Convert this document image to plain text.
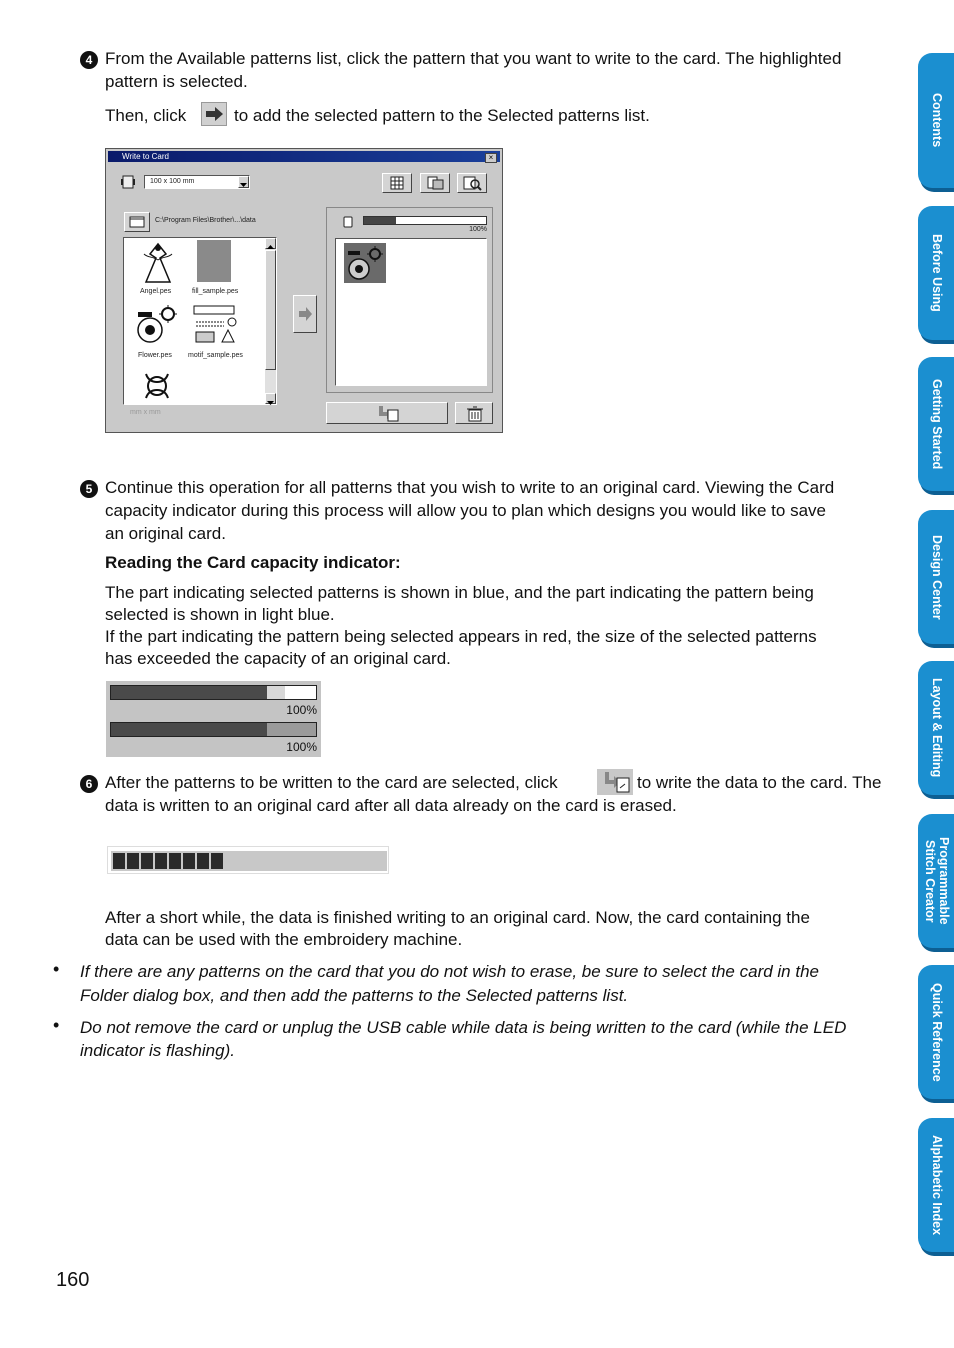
4 From the Available patterns list, click the pattern that you want to write to the card. The highlighted
pattern is selected.
Then, click	to add the selected pattern to the Selected patterns list.
Write to Card	×
100 x 100 mm
C:\Program Files\Brother\...\data
Angel.pes	fill_sample.pes
Flower.pes motif_sample.pes
mm x mm
100%
5 Continue this operation for all patterns that you wish to write to an original card. Viewing the Card
capacity indicator during this process will allow you to plan which designs you would like to save
an original card.
Reading the Card capacity indicator:
The part indicating selected patterns is shown in blue, and the part indicating the pattern being
selected is shown in light blue.
If the part indicating the pattern being selected appears in red, the size of the selected patterns
has exceeded the capacity of an original card.
100%
100%
6 After the patterns to be written to the card are selected, click	to write the data to the card. The
data is written to an original card after all data already on the card is erased.
After a short while, the data is finished writing to an original card. Now, the card containing the
data can be used with the embroidery machine.
• If there are any patterns on the card that you do not wish to erase, be sure to select the card in the
Folder dialog box, and then add the patterns to the Selected patterns list.
• Do not remove the card or unplug the USB cable while data is being written to the card (while the LED
indicator is flashing).
160
Contents
Before Using
Getting Started
Design Center
Layout & Editing
Programmable
Stitch Creator
Quick Reference
Alphabetic Index
